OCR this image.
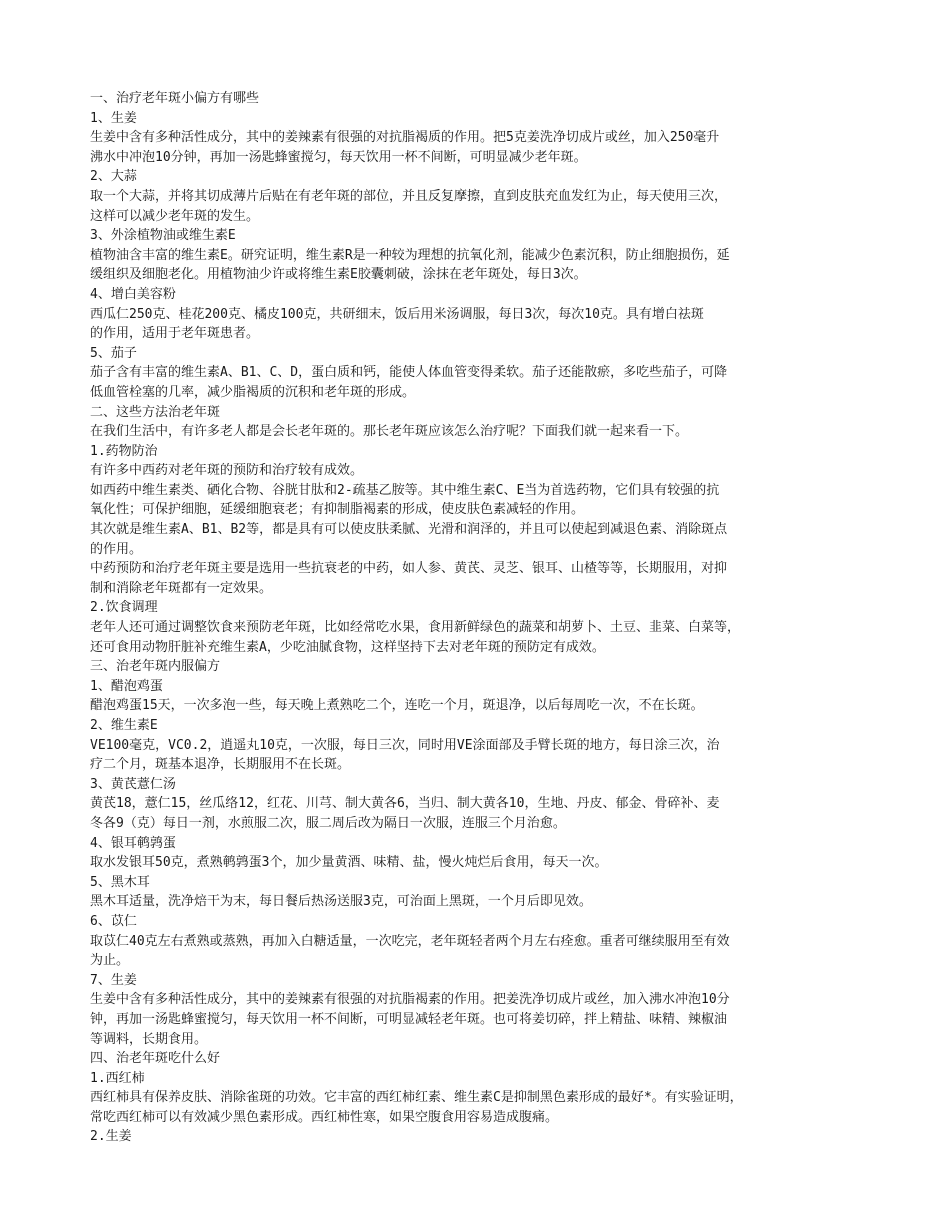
一、治疗老年斑小偏方有哪些
1、生姜
生姜中含有多种活性成分，其中的姜辣素有很强的对抗脂褐质的作用。把5克姜洗净切成片或丝，加入250毫升
沸水中冲泡10分钟，再加一汤匙蜂蜜搅匀，每天饮用一杯不间断，可明显减少老年斑。
2、大蒜
取一个大蒜，并将其切成薄片后贴在有老年斑的部位，并且反复摩擦，直到皮肤充血发红为止，每天使用三次，
这样可以减少老年斑的发生。
3、外涂植物油或维生素E
植物油含丰富的维生素E。研究证明，维生素R是一种较为理想的抗氧化剂，能减少色素沉积，防止细胞损伤，延
缓组织及细胞老化。用植物油少许或将维生素E胶囊刺破，涂抹在老年斑处，每日3次。
4、增白美容粉
西瓜仁250克、桂花200克、橘皮100克，共研细末，饭后用米汤调服，每日3次，每次10克。具有增白祛斑
的作用，适用于老年斑患者。
5、茄子
茄子含有丰富的维生素A、B1、C、D，蛋白质和钙，能使人体血管变得柔软。茄子还能散瘀，多吃些茄子，可降
低血管栓塞的几率，减少脂褐质的沉积和老年斑的形成。
二、这些方法治老年斑
在我们生活中，有许多老人都是会长老年斑的。那长老年斑应该怎么治疗呢？下面我们就一起来看一下。
1.药物防治
有许多中西药对老年斑的预防和治疗较有成效。
如西药中维生素类、硒化合物、谷胱甘肽和2-疏基乙胺等。其中维生素C、E当为首选药物，它们具有较强的抗
氧化性；可保护细胞，延缓细胞衰老；有抑制脂褐素的形成，使皮肤色素减轻的作用。
其次就是维生素A、B1、B2等，都是具有可以使皮肤柔腻、光滑和润泽的，并且可以使起到减退色素、消除斑点
的作用。
中药预防和治疗老年斑主要是选用一些抗衰老的中药，如人参、黄芪、灵芝、银耳、山楂等等，长期服用，对抑
制和消除老年斑都有一定效果。
2.饮食调理
老年人还可通过调整饮食来预防老年斑，比如经常吃水果，食用新鲜绿色的蔬菜和胡萝卜、土豆、韭菜、白菜等，
还可食用动物肝脏补充维生素A，少吃油腻食物，这样坚持下去对老年斑的预防定有成效。
三、治老年斑内服偏方
1、醋泡鸡蛋
醋泡鸡蛋15天，一次多泡一些，每天晚上煮熟吃二个，连吃一个月，斑退净，以后每周吃一次，不在长斑。
2、维生素E
VE100毫克，VC0.2，逍遥丸10克，一次服，每日三次，同时用VE涂面部及手臂长斑的地方，每日涂三次，治
疗二个月，斑基本退净，长期服用不在长斑。
3、黄芪薏仁汤
黄芪18，薏仁15，丝瓜络12，红花、川芎、制大黄各6，当归、制大黄各10，生地、丹皮、郁金、骨碎补、麦
冬各9（克）每日一剂，水煎服二次，服二周后改为隔日一次服，连服三个月治愈。
4、银耳鹌鹑蛋
取水发银耳50克，煮熟鹌鹑蛋3个，加少量黄酒、味精、盐，慢火炖烂后食用，每天一次。
5、黑木耳
黑木耳适量，洗净焙干为末，每日餐后热汤送服3克，可治面上黑斑，一个月后即见效。
6、苡仁
取苡仁40克左右煮熟或蒸熟，再加入白糖适量，一次吃完，老年斑轻者两个月左右痊愈。重者可继续服用至有效
为止。
7、生姜
生姜中含有多种活性成分，其中的姜辣素有很强的对抗脂褐素的作用。把姜洗净切成片或丝，加入沸水冲泡10分
钟，再加一汤匙蜂蜜搅匀，每天饮用一杯不间断，可明显减轻老年斑。也可将姜切碎，拌上精盐、味精、辣椒油
等调料，长期食用。
四、治老年斑吃什么好
1.西红柿
西红柿具有保养皮肤、消除雀斑的功效。它丰富的西红柿红素、维生素C是抑制黑色素形成的最好*。有实验证明，
常吃西红柿可以有效减少黑色素形成。西红柿性寒，如果空腹食用容易造成腹痛。
2.生姜
